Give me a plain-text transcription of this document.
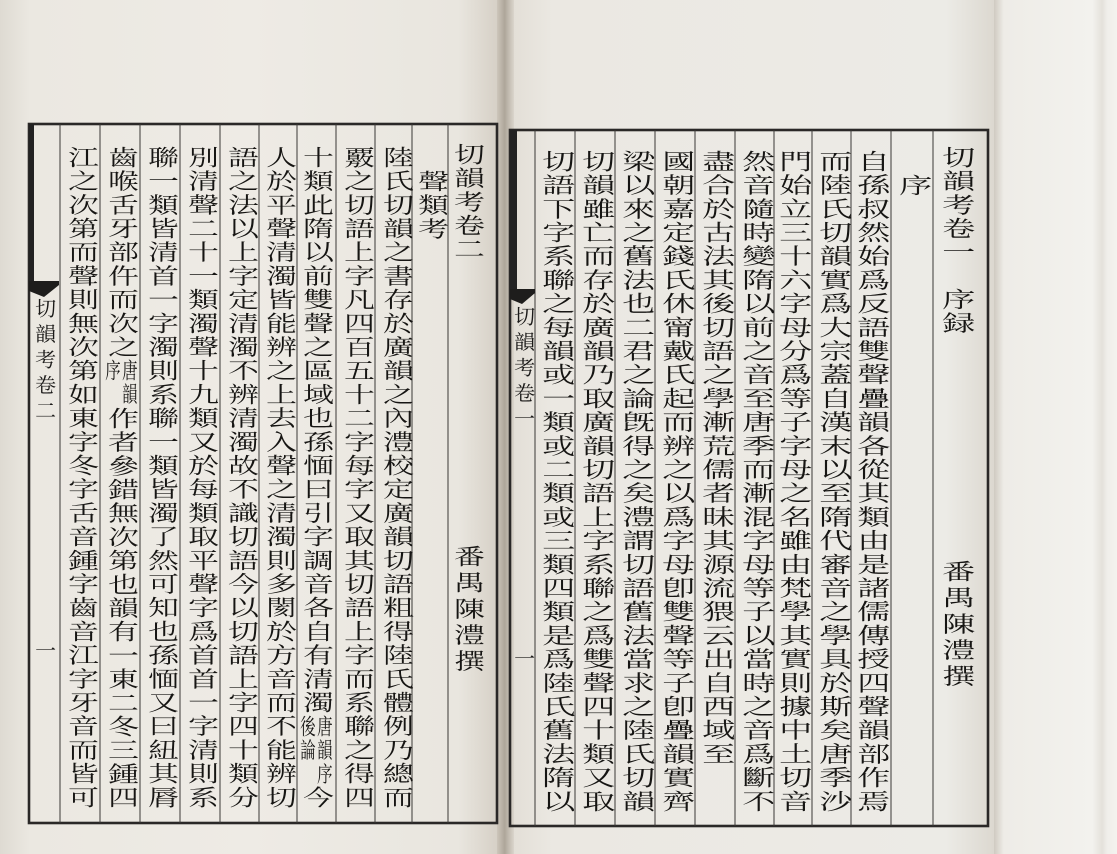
切韻考卷一
序録
番禺陳澧撰
序
自孫叔然始爲反語雙聲疊韻各從其類由是諸儒傳授四聲韻部作焉
而陸氏切韻實爲大宗蓋自漢末以至隋代審音之學具於斯矣唐季沙
門始立三十六字母分爲等子字母之名雖由梵學其實則據中土切音
然音隨時變隋以前之音至唐季而漸混字母等子以當時之音爲斷不
盡合於古法其後切語之學漸荒儒者昧其源流猥云出自西域至
國朝嘉定錢氏休甯戴氏起而辨之以爲字母卽雙聲等子卽疊韻實齊
梁以來之舊法也二君之論旣得之矣澧謂切語舊法當求之陸氏切韻
切韻雖亡而存於廣韻乃取廣韻切語上字系聯之爲雙聲四十類又取
切語下字系聯之每韻或一類或二類或三類四類是爲陸氏舊法隋以
切韻考卷一
一
切韻考卷二
番禺陳澧撰
聲類考
陸氏切韻之書存於廣韻之內澧校定廣韻切語粗得陸氏體例乃總而
覈之切語上字凡四百五十二字每字又取其切語上字而系聯之得四
十類此隋以前雙聲之區域也孫愐曰引字調音各自有清濁
唐韻序
後論
今
人於平聲清濁皆能辨之上去入聲之清濁則多閡於方音而不能辨切
語之法以上字定清濁不辨清濁故不識切語今以切語上字四十類分
別清聲二十一類濁聲十九類又於每類取平聲字爲首首一字清則系
聯一類皆清首一字濁則系聯一類皆濁了然可知也孫愐又曰紐其脣
齒喉舌牙部仵而次之
唐韻
序
作者參錯無次第也韻有一東二冬三鍾四
江之次第而聲則無次第如東字冬字舌音鍾字齒音江字牙音而皆可
切韻考卷二
一
